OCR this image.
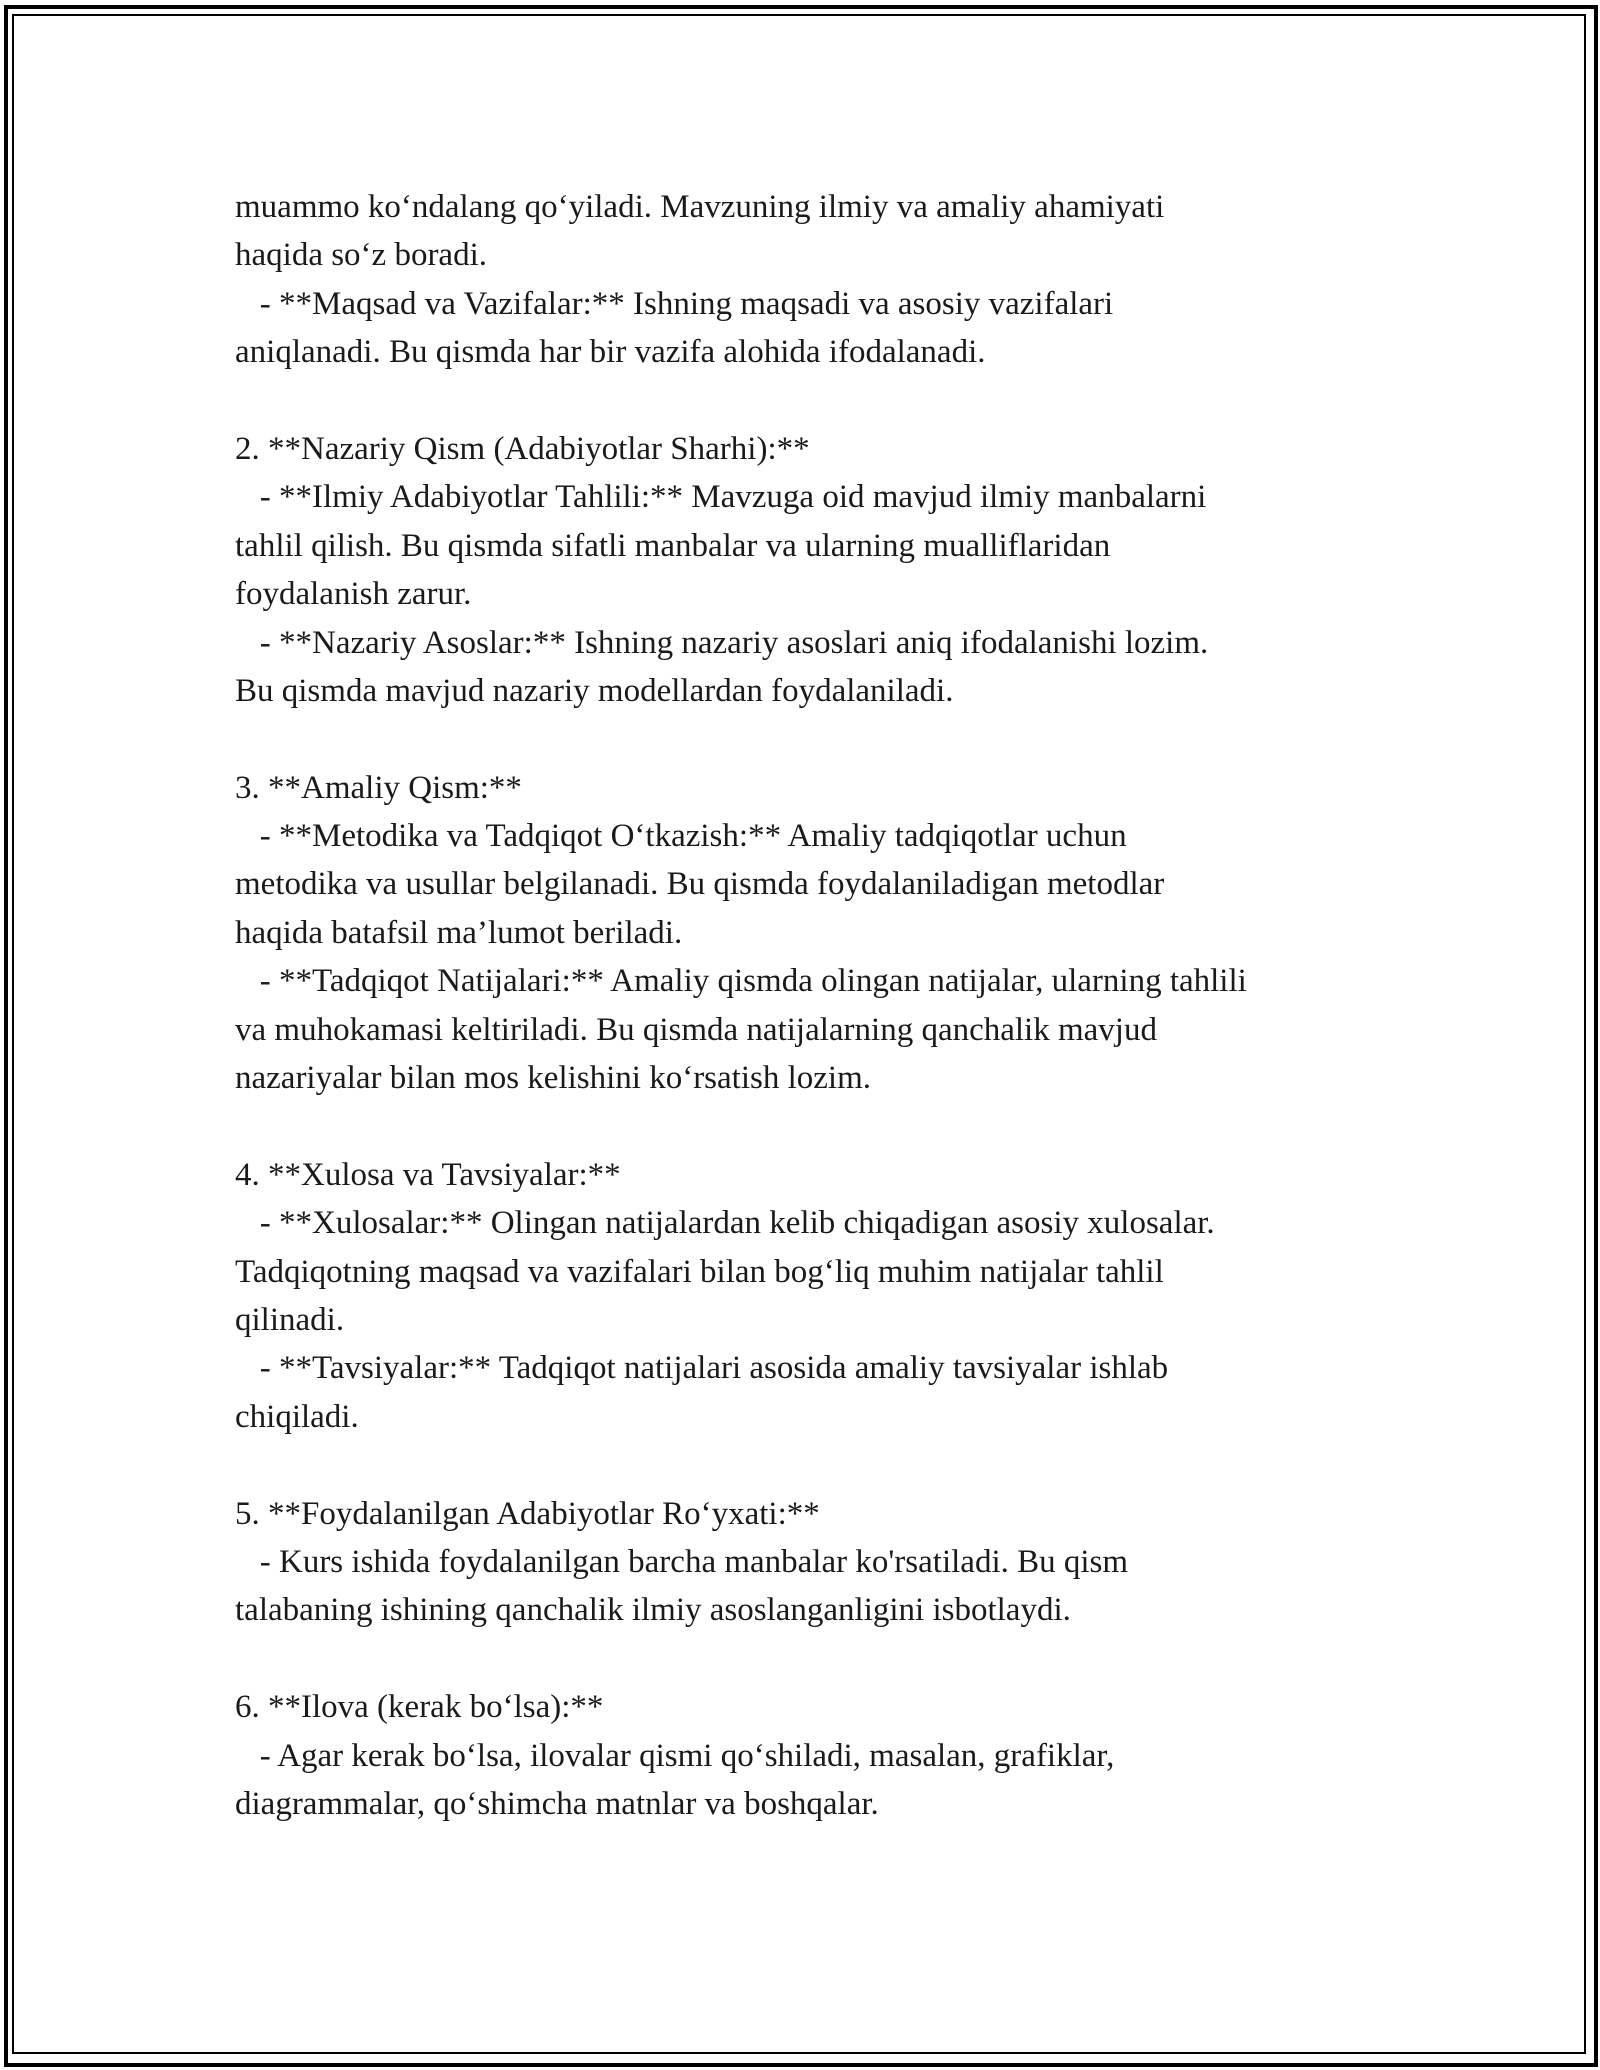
muammo ko‘ndalang qo‘yiladi. Mavzuning ilmiy va amaliy ahamiyati

haqida so‘z boradi.

- **Maqsad va Vazifalar:** Ishning maqsadi va asosiy vazifalari

aniqlanadi. Bu qismda har bir vazifa alohida ifodalanadi.

2. **Nazariy Qism (Adabiyotlar Sharhi):**

- **Ilmiy Adabiyotlar Tahlili:** Mavzuga oid mavjud ilmiy manbalarni

tahlil qilish. Bu qismda sifatli manbalar va ularning mualliflaridan

foydalanish zarur.

- **Nazariy Asoslar:** Ishning nazariy asoslari aniq ifodalanishi lozim.

Bu qismda mavjud nazariy modellardan foydalaniladi.

3. **Amaliy Qism:**

- **Metodika va Tadqiqot O‘tkazish:** Amaliy tadqiqotlar uchun

metodika va usullar belgilanadi. Bu qismda foydalaniladigan metodlar

haqida batafsil ma’lumot beriladi.

- **Tadqiqot Natijalari:** Amaliy qismda olingan natijalar, ularning tahlili

va muhokamasi keltiriladi. Bu qismda natijalarning qanchalik mavjud

nazariyalar bilan mos kelishini ko‘rsatish lozim.

4. **Xulosa va Tavsiyalar:**

- **Xulosalar:** Olingan natijalardan kelib chiqadigan asosiy xulosalar.

Tadqiqotning maqsad va vazifalari bilan bog‘liq muhim natijalar tahlil

qilinadi.

- **Tavsiyalar:** Tadqiqot natijalari asosida amaliy tavsiyalar ishlab

chiqiladi.

5. **Foydalanilgan Adabiyotlar Ro‘yxati:**

- Kurs ishida foydalanilgan barcha manbalar ko'rsatiladi. Bu qism

talabaning ishining qanchalik ilmiy asoslanganligini isbotlaydi.

6. **Ilova (kerak bo‘lsa):**

- Agar kerak bo‘lsa, ilovalar qismi qo‘shiladi, masalan, grafiklar,

diagrammalar, qo‘shimcha matnlar va boshqalar.
